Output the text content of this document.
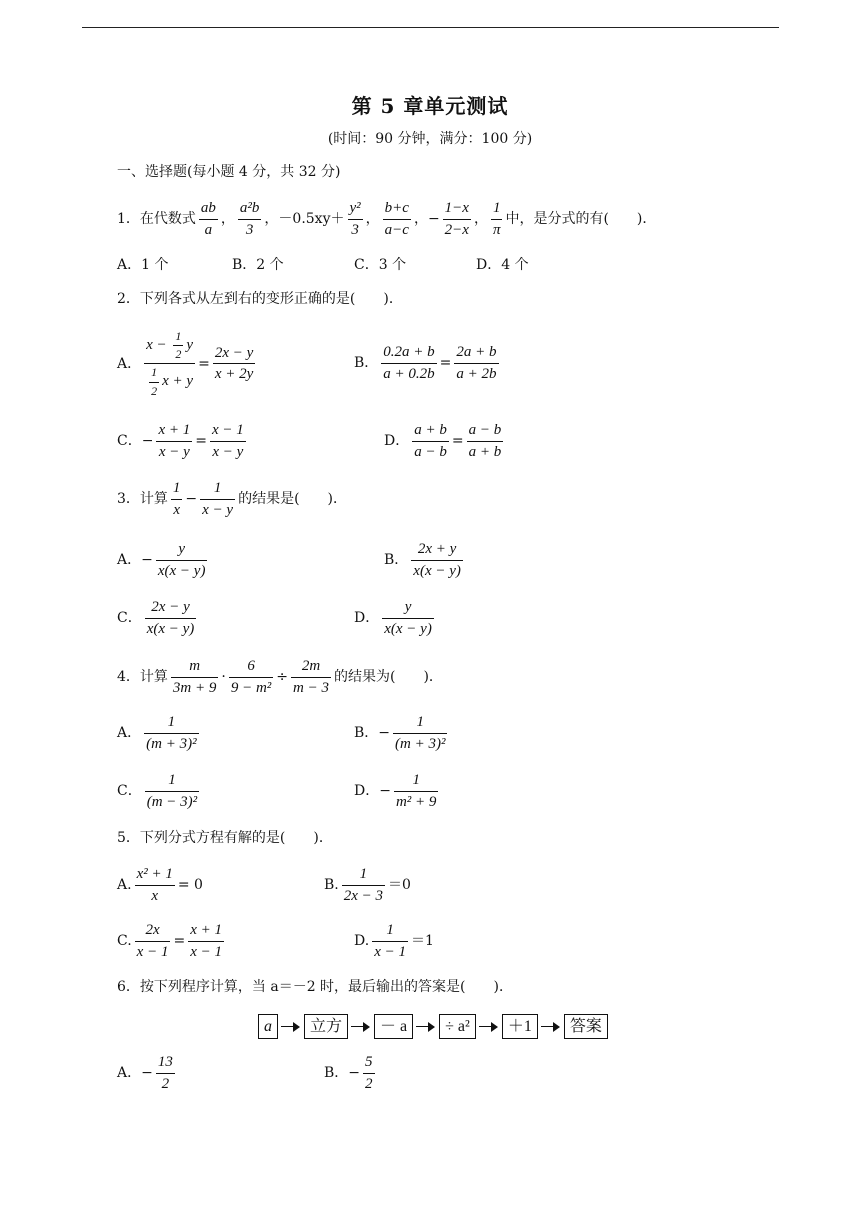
第 5 章单元测试
(时间：90 分钟，满分：100 分)
一、选择题(每小题 4 分，共 32 分)
1．在代数式 $\frac{ab}{a}$ ， $\frac{\text{a²b}}{3}$ ， $-0.5xy+ \frac{\text{y²}}{3}$ ， $\frac{b+c}{a-c}$ ， − $\frac{1-x}{2-x}$ ， $\frac{1}{\pi}$ 中，是分式的有(　　)．
A．1 个	B．2 个	C．3 个	D．4 个
2．下列各式从左到右的变形正确的是(　　)．
A． $\frac{x - \frac{1}{2} y}{\frac{1}{2} x + y} = \frac{2x - y}{x + 2y}$	B． $\frac{0.2a + b}{a + 0.2b} = \frac{2a + b}{a + 2b}$
C． − $\frac{x + 1}{x - y} = \frac{x - 1}{x - y}$	D． $\frac{a + b}{a - b} = \frac{a - b}{a + b}$
3．计算 $\frac{1}{x} - \frac{1}{x - y}$ 的结果是(　　)．
A． − $\frac{y}{x(x - y)}$	B． $\frac{2x + y}{x(x - y)}$
C． $\frac{2x - y}{x(x - y)}$	D． $\frac{y}{x(x - y)}$
4．计算 $\frac{m}{3m + 9} \cdot \frac{6}{\text{9 − m²}} \div \frac{2m}{m - 3}$ 的结果为(　　)．
A． $\frac{1}{\text{(m + 3)²}}$	B． − $\frac{1}{\text{(m + 3)²}}$
C． $\frac{1}{\text{(m − 3)²}}$	D． − $\frac{1}{\text{m² + 9}}$
5．下列分式方程有解的是(　　)．
A. $\frac{\text{x² + 1}}{x} = 0$	B. $\frac{1}{2x - 3} =0$
C. $\frac{2x}{x - 1} = \frac{x + 1}{x - 1}$	D. $\frac{1}{x - 1} =1$
6．按下列程序计算，当 a＝－2 时，最后输出的答案是(　　)．
a	立方	－ a	÷ a²	＋1	答案
A． − $\frac{13}{2}$	B． − $\frac{5}{2}$
